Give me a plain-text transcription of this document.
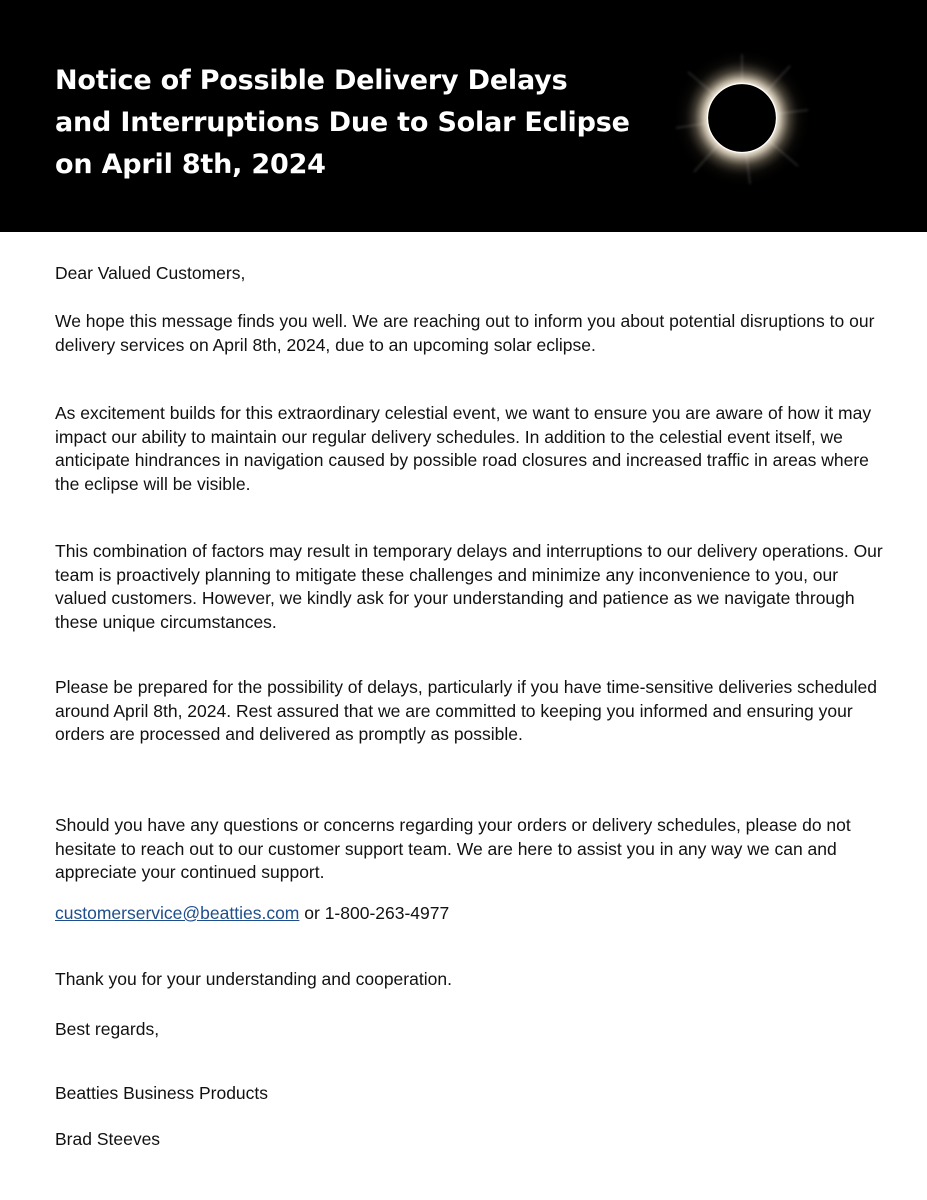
Notice of Possible Delivery Delays
and Interruptions Due to Solar Eclipse
on April 8th, 2024

Dear Valued Customers,

We hope this message finds you well. We are reaching out to inform you about potential disruptions to our delivery services on April 8th, 2024, due to an upcoming solar eclipse.

As excitement builds for this extraordinary celestial event, we want to ensure you are aware of how it may impact our ability to maintain our regular delivery schedules. In addition to the celestial event itself, we anticipate hindrances in navigation caused by possible road closures and increased traffic in areas where the eclipse will be visible.

This combination of factors may result in temporary delays and interruptions to our delivery operations. Our team is proactively planning to mitigate these challenges and minimize any inconvenience to you, our valued customers. However, we kindly ask for your understanding and patience as we navigate through these unique circumstances.

Please be prepared for the possibility of delays, particularly if you have time-sensitive deliveries scheduled around April 8th, 2024. Rest assured that we are committed to keeping you informed and ensuring your orders are processed and delivered as promptly as possible.

Should you have any questions or concerns regarding your orders or delivery schedules, please do not hesitate to reach out to our customer support team. We are here to assist you in any way we can and appreciate your continued support.

customerservice@beatties.com or 1-800-263-4977

Thank you for your understanding and cooperation.

Best regards,

Beatties Business Products

Brad Steeves
